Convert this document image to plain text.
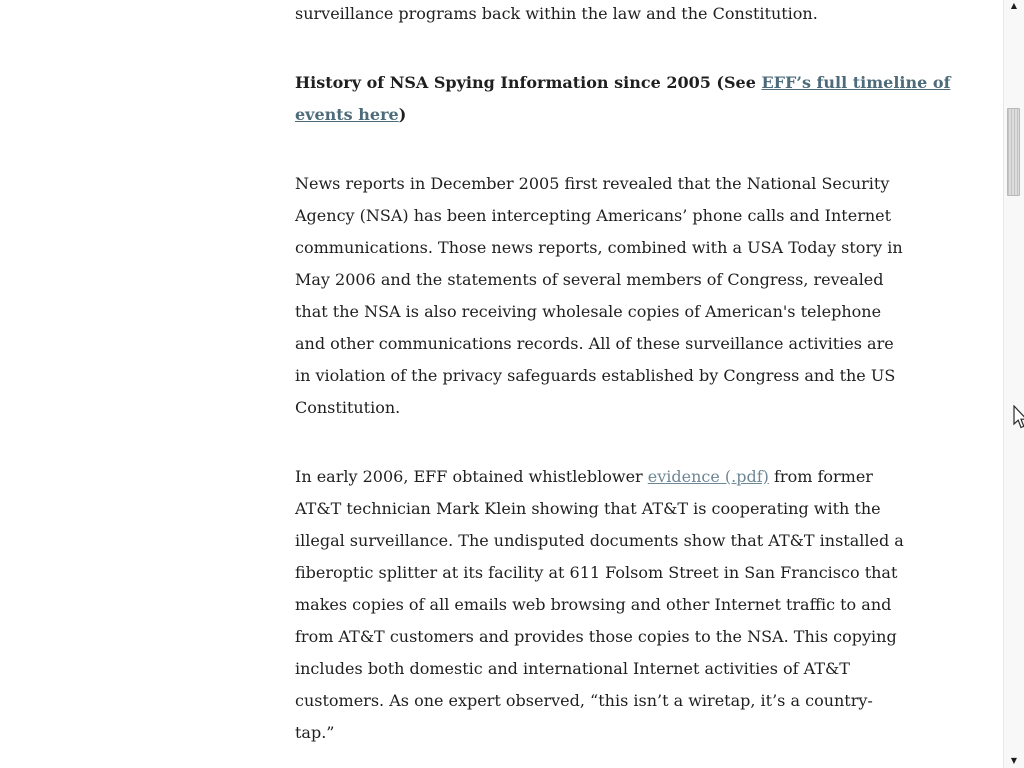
surveillance programs back within the law and the Constitution.

History of NSA Spying Information since 2005 (See EFF’s full timeline of
events here)

News reports in December 2005 first revealed that the National Security
Agency (NSA) has been intercepting Americans’ phone calls and Internet
communications. Those news reports, combined with a USA Today story in
May 2006 and the statements of several members of Congress, revealed
that the NSA is also receiving wholesale copies of American's telephone
and other communications records. All of these surveillance activities are
in violation of the privacy safeguards established by Congress and the US
Constitution.

In early 2006, EFF obtained whistleblower evidence (.pdf) from former
AT&T technician Mark Klein showing that AT&T is cooperating with the
illegal surveillance. The undisputed documents show that AT&T installed a
fiberoptic splitter at its facility at 611 Folsom Street in San Francisco that
makes copies of all emails web browsing and other Internet traffic to and
from AT&T customers and provides those copies to the NSA. This copying
includes both domestic and international Internet activities of AT&T
customers. As one expert observed, “this isn’t a wiretap, it’s a country-
tap.”

▲
▼
